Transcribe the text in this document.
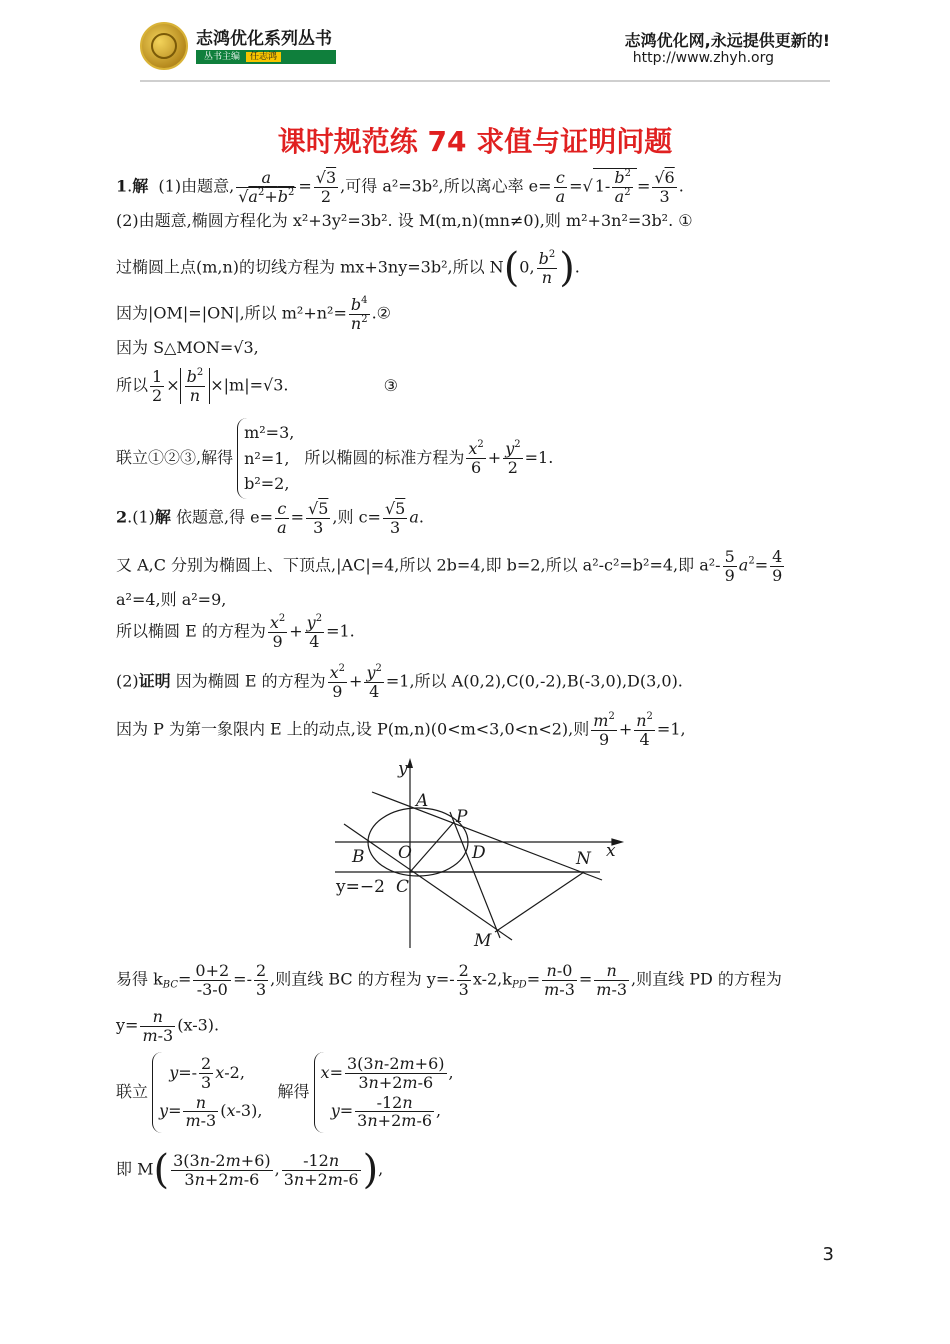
志鸿优化系列丛书
丛书主编 任志鸿
志鸿优化网,永远提供更新的!
http://www.zhyh.org
课时规范练 74 求值与证明问题
1.解 (1)由题意, $\frac{a}{√a^2+b^2} = \frac{√3}{2}$ ,可得 a²=3b²,所以离心率 $e= \frac{c}{a}$ =√ $1- \frac{b^2}{a^2} = \frac{√6}{3}$ .
(2)由题意,椭圆方程化为 x²+3y²=3b². 设 M(m,n)(mn≠0),则 m²+3n²=3b². ①
过椭圆上点(m,n)的切线方程为 mx+3ny=3b²,所以 N(0, $\frac{b^2}{n}$ ).
因为|OM|=|ON|,所以 $m^2+n^2= \frac{b^4}{n^2}$ .②
因为 S△MON=√3,
所以 $\frac{1}{2} \times \frac{b^2}{n} \times|m|=√3$.	③
联立①②③,解得m²=3,
n²=1,
b²=2,所以椭圆的标准方程为 $\frac{x^2}{6} + \frac{y^2}{2} =1$.
2.(1)解 依题意,得 $e= \frac{c}{a} = \frac{√5}{3}$ ,则 $c= \frac{√5}{3} a$.
又 A,C 分别为椭圆上、下顶点,|AC|=4,所以 2b=4,即 b=2,所以 a²-c²=b²=4,即 $a^2- \frac{5}{9} a^2= \frac{4}{9}$
a²=4,则 a²=9,
所以椭圆 E 的方程为 $\frac{x^2}{9} + \frac{y^2}{4} =1$.
(2)证明 因为椭圆 E 的方程为 $\frac{x^2}{9} + \frac{y^2}{4} =1$,所以 A(0,2),C(0,-2),B(-3,0),D(3,0).
因为 P 为第一象限内 E 上的动点,设 P(m,n)(0<m<3,0<n<2),则 $\frac{m^2}{9} + \frac{n^2}{4} =1$,
y
A
P
B O	D	N x
y=−2 C
M
易得 $k_{BC}= \frac{0+2}{-3-0} =- \frac{2}{3}$ ,则直线 BC 的方程为 $y=- \frac{2}{3} x-2,k_{PD}= \frac{n-0}{m-3} = \frac{n}{m-3}$ ,则直线 PD 的方程为
$y= \frac{n}{m-3} (x-3)$.
联立  $y=- \frac{2}{3} x-2$,
$y= \frac{n}{m-3} (x-3)$, 解得$x= \frac{3(3n-2m+6)}{3n+2m-6}$ ,
$y= \frac{-12n}{3n+2m-6}$ ,
即 $M( \frac{3(3n-2m+6)}{3n+2m-6}$ , $\frac{-12n}{3n+2m-6}$ ),
3
